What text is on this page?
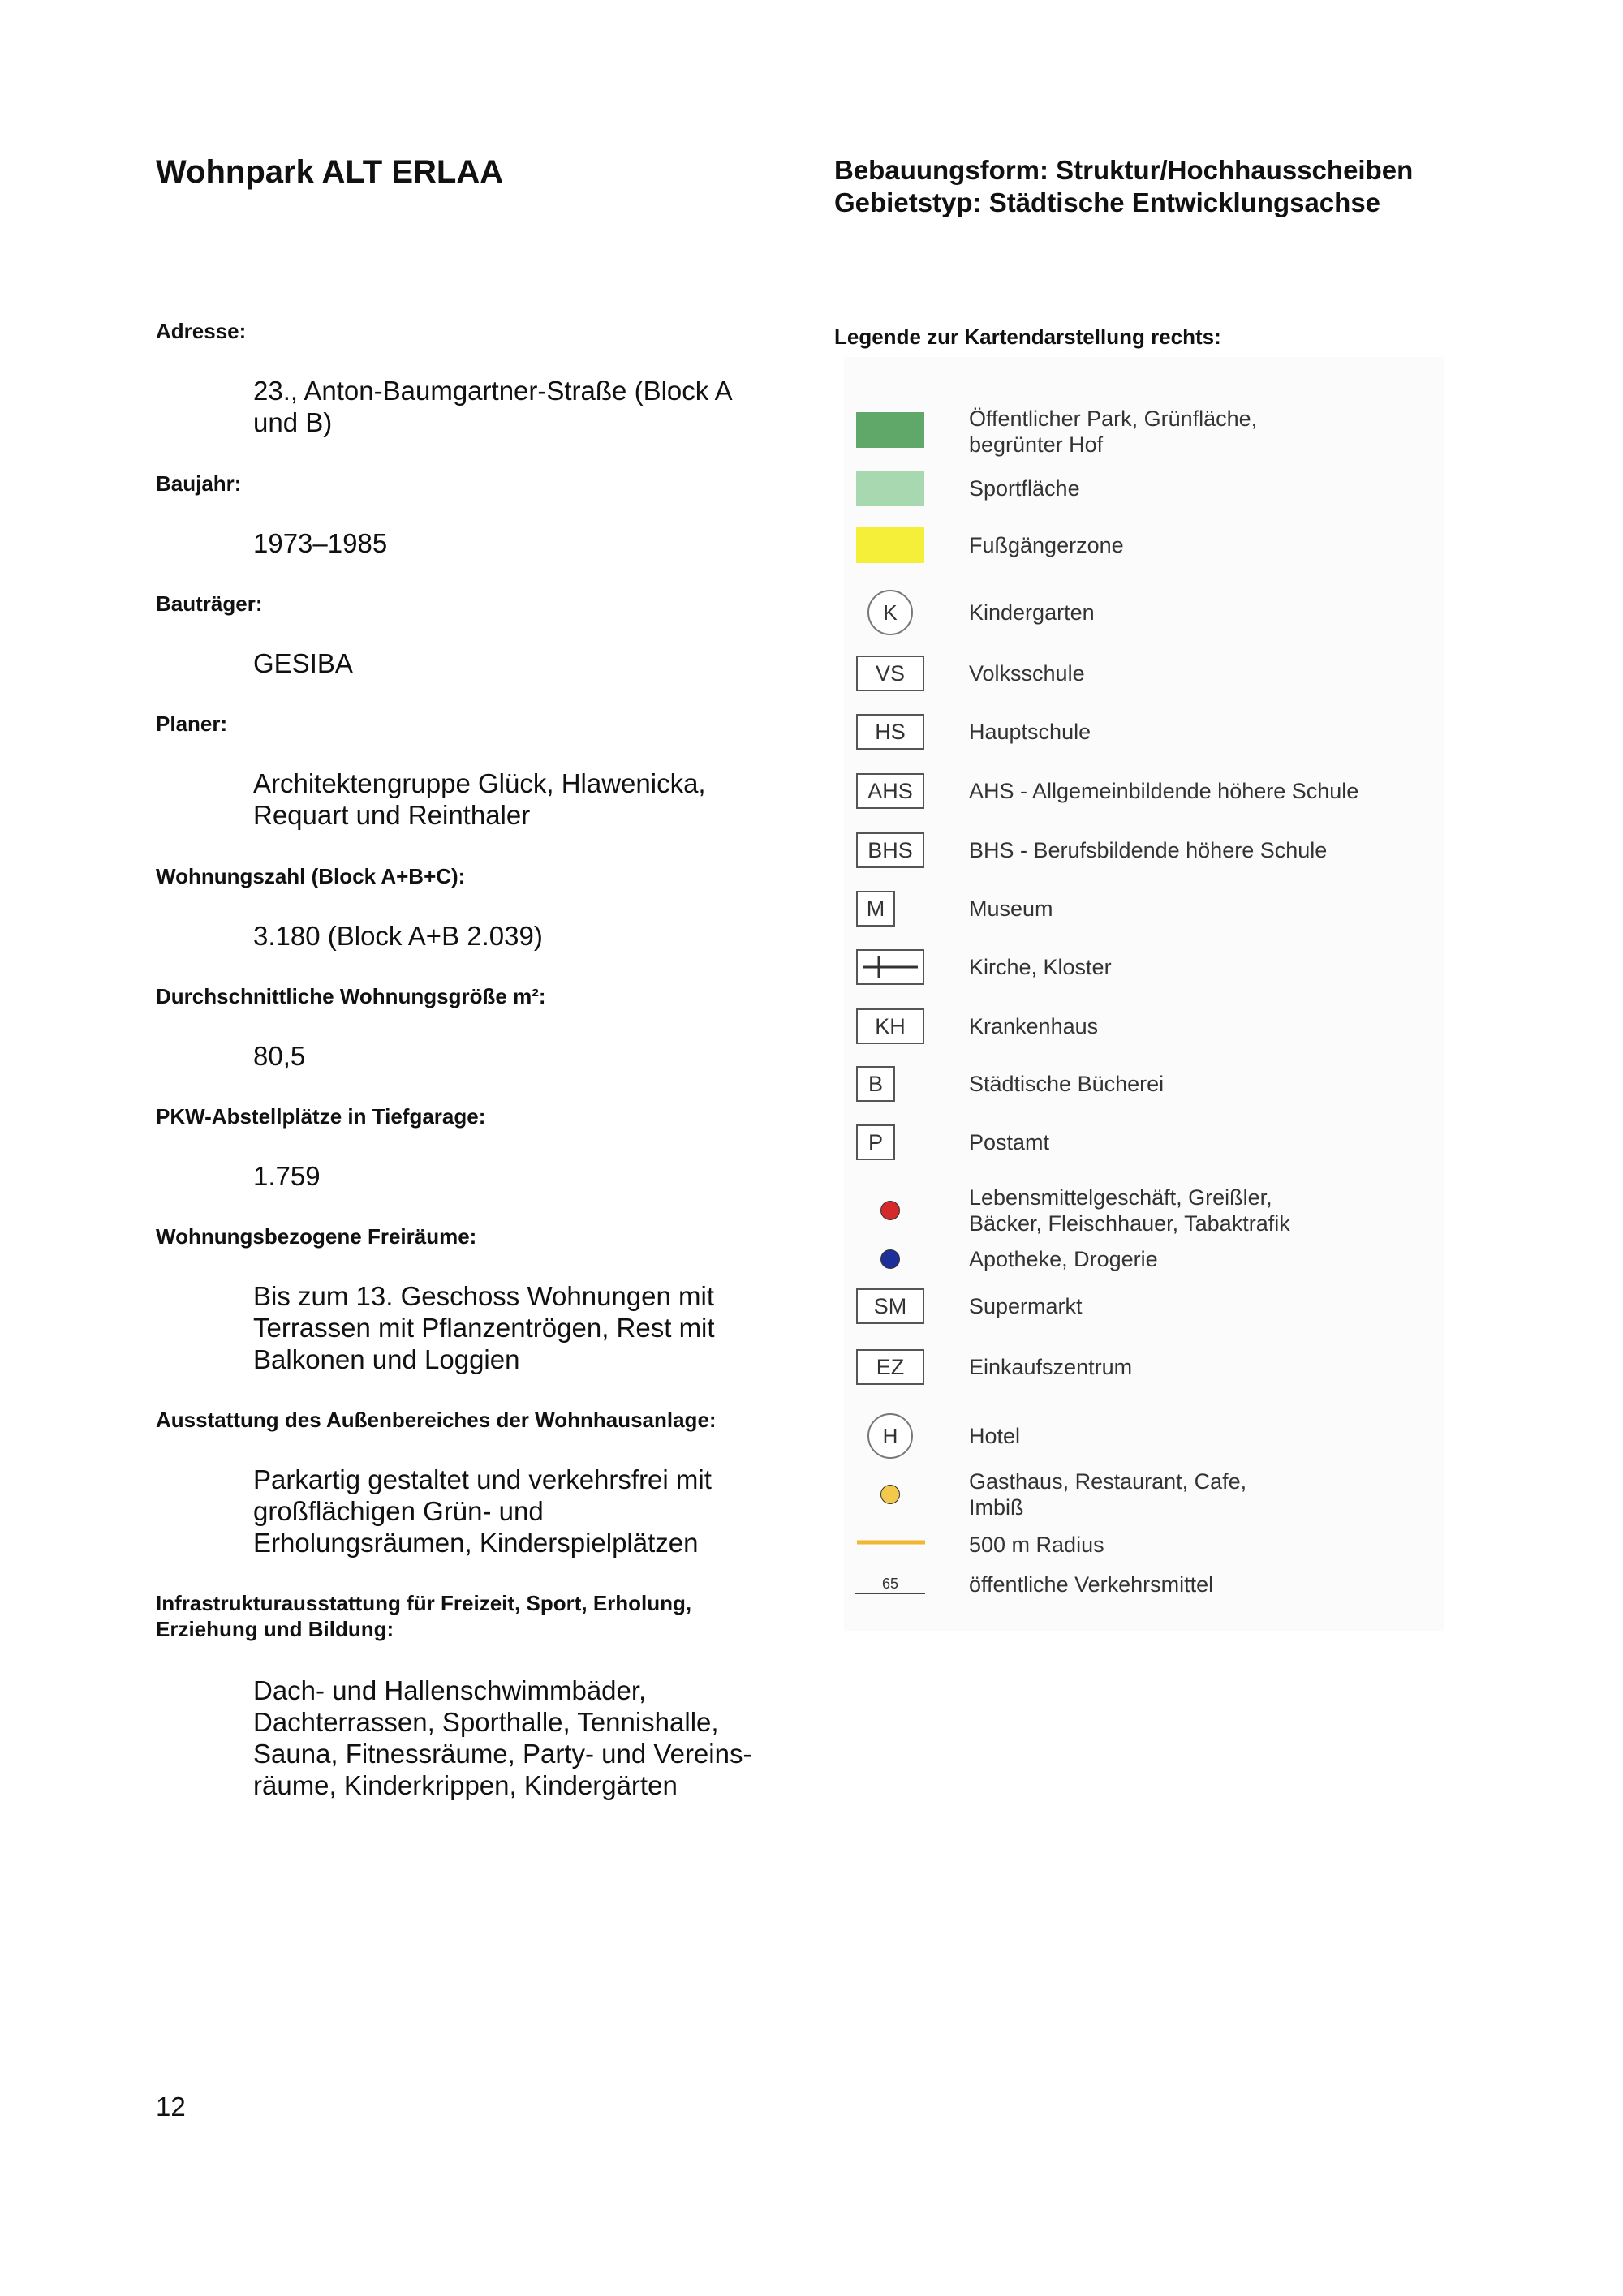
Wohnpark ALT ERLAA	Bebauungsform: Struktur/Hochhausscheiben
Gebietstyp: Städtische Entwicklungsachse
Adresse:
23., Anton-Baumgartner-Straße (Block A
und B)
Baujahr:
1973–1985
Bauträger:
GESIBA
Planer:
Architektengruppe Glück, Hlawenicka,
Requart und Reinthaler
Wohnungszahl (Block A+B+C):
3.180 (Block A+B 2.039)
Durchschnittliche Wohnungsgröße m²:
80,5
PKW-Abstellplätze in Tiefgarage:
1.759
Wohnungsbezogene Freiräume:
Bis zum 13. Geschoss Wohnungen mit
Terrassen mit Pflanzentrögen, Rest mit
Balkonen und Loggien
Ausstattung des Außenbereiches der Wohnhausanlage:
Parkartig gestaltet und verkehrsfrei mit
großflächigen Grün- und
Erholungsräumen, Kinderspielplätzen
Infrastrukturausstattung für Freizeit, Sport, Erholung,
Erziehung und Bildung:
Dach- und Hallenschwimmbäder,
Dachterrassen, Sporthalle, Tennishalle,
Sauna, Fitnessräume, Party- und Vereins-
räume, Kinderkrippen, Kindergärten
Legende zur Kartendarstellung rechts:
Öffentlicher Park, Grünfläche,
begrünter Hof
Sportfläche
Fußgängerzone
K	Kindergarten
VS	Volksschule
HS	Hauptschule
AHS	AHS - Allgemeinbildende höhere Schule
BHS	BHS - Berufsbildende höhere Schule
M	Museum
Kirche, Kloster
KH	Krankenhaus
B	Städtische Bücherei
P	Postamt
Lebensmittelgeschäft, Greißler,
Bäcker, Fleischhauer, Tabaktrafik
Apotheke, Drogerie
SM	Supermarkt
EZ	Einkaufszentrum
H	Hotel
Gasthaus, Restaurant, Cafe,
Imbiß
500 m Radius
65	öffentliche Verkehrsmittel
12
